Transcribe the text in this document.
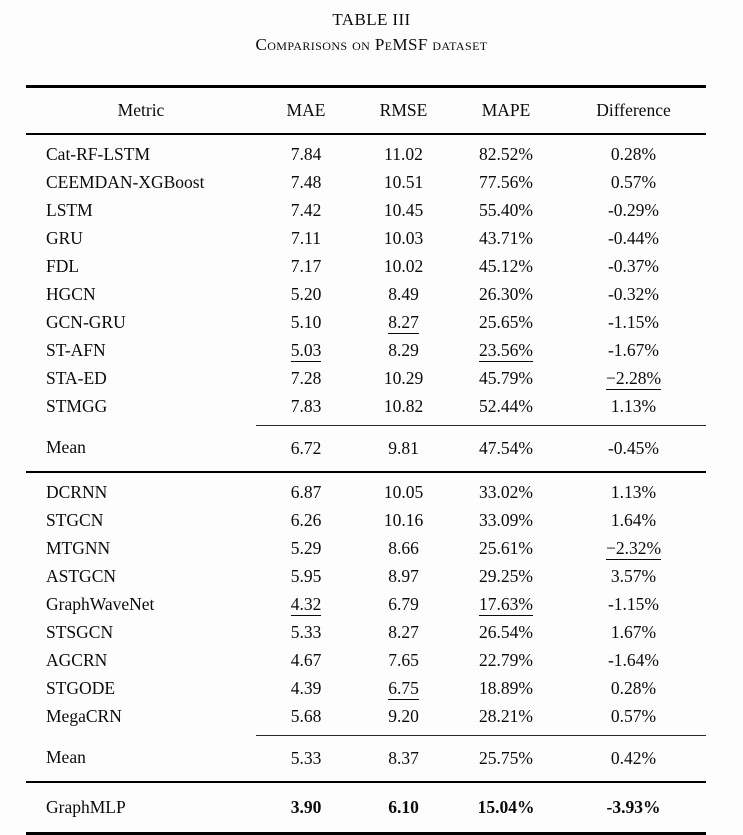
TABLE III
Comparisons on PeMSF dataset
Metric	MAE	RMSE	MAPE	Difference
Cat-RF-LSTM	7.84	11.02	82.52%	0.28%
CEEMDAN-XGBoost	7.48	10.51	77.56%	0.57%
LSTM	7.42	10.45	55.40%	-0.29%
GRU	7.11	10.03	43.71%	-0.44%
FDL	7.17	10.02	45.12%	-0.37%
HGCN	5.20	8.49	26.30%	-0.32%
GCN-GRU	5.10	8.27	25.65%	-1.15%
ST-AFN	5.03	8.29	23.56%	-1.67%
STA-ED	7.28	10.29	45.79%	−2.28%
STMGG	7.83	10.82	52.44%	1.13%
Mean	6.72	9.81	47.54%	-0.45%
DCRNN	6.87	10.05	33.02%	1.13%
STGCN	6.26	10.16	33.09%	1.64%
MTGNN	5.29	8.66	25.61%	−2.32%
ASTGCN	5.95	8.97	29.25%	3.57%
GraphWaveNet	4.32	6.79	17.63%	-1.15%
STSGCN	5.33	8.27	26.54%	1.67%
AGCRN	4.67	7.65	22.79%	-1.64%
STGODE	4.39	6.75	18.89%	0.28%
MegaCRN	5.68	9.20	28.21%	0.57%
Mean	5.33	8.37	25.75%	0.42%
GraphMLP	3.90	6.10	15.04%	-3.93%
